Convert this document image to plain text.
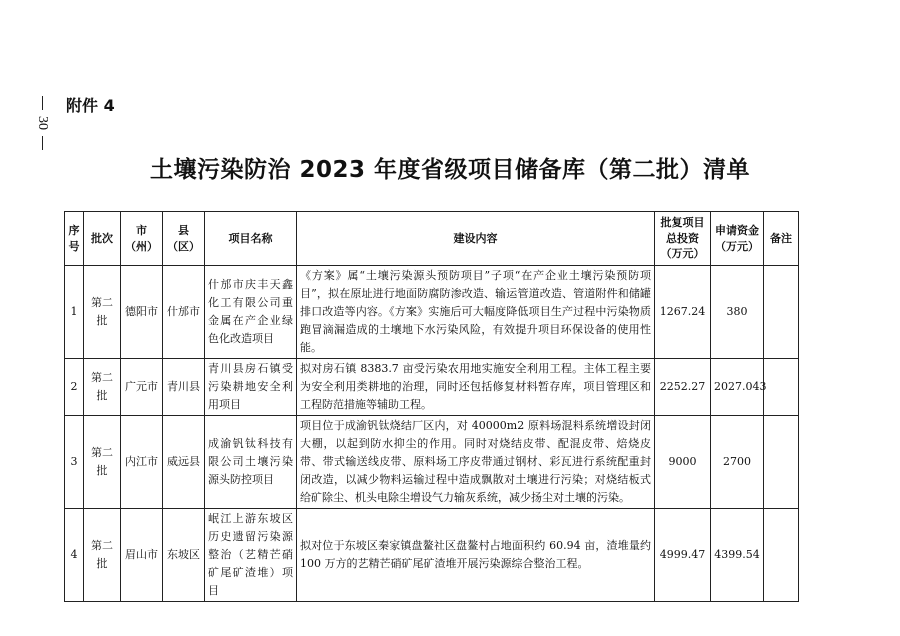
30
附件 4
土壤污染防治 2023 年度省级项目储备库（第二批）清单
序号	批次	市（州）	县（区）	项目名称	建设内容	批复项目总投资（万元）	申请资金（万元）	备注
1	第二批	德阳市	什邡市	什邡市庆丰天鑫化工有限公司重金属在产企业绿色化改造项目	《方案》属“土壤污染源头预防项目”子项“在产企业土壤污染预防项目”，拟在原址进行地面防腐防渗改造、输运管道改造、管道附件和储罐排口改造等内容。《方案》实施后可大幅度降低项目生产过程中污染物质跑冒滴漏造成的土壤地下水污染风险，有效提升项目环保设备的使用性能。	1267.24	380	
2	第二批	广元市	青川县	青川县房石镇受污染耕地安全利用项目	拟对房石镇 8383.7 亩受污染农用地实施安全利用工程。主体工程主要为安全利用类耕地的治理，同时还包括修复材料暂存库，项目管理区和工程防范措施等辅助工程。	2252.27	2027.043	
3	第二批	内江市	威远县	成渝钒钛科技有限公司土壤污染源头防控项目	项目位于成渝钒钛烧结厂区内，对 40000m2 原料场混料系统增设封闭大棚，以起到防水抑尘的作用。同时对烧结皮带、配混皮带、焙烧皮带、带式输送线皮带、原料场工序皮带通过钢材、彩瓦进行系统配重封闭改造，以减少物料运输过程中造成飘散对土壤进行污染；对烧结板式给矿除尘、机头电除尘增设气力输灰系统，减少扬尘对土壤的污染。	9000	2700	
4	第二批	眉山市	东坡区	岷江上游东坡区历史遗留污染源整治（艺精芒硝矿尾矿渣堆）项目	拟对位于东坡区秦家镇盘鳌社区盘鳌村占地面积约 60.94 亩，渣堆量约 100 万方的艺精芒硝矿尾矿渣堆开展污染源综合整治工程。	4999.47	4399.54	
